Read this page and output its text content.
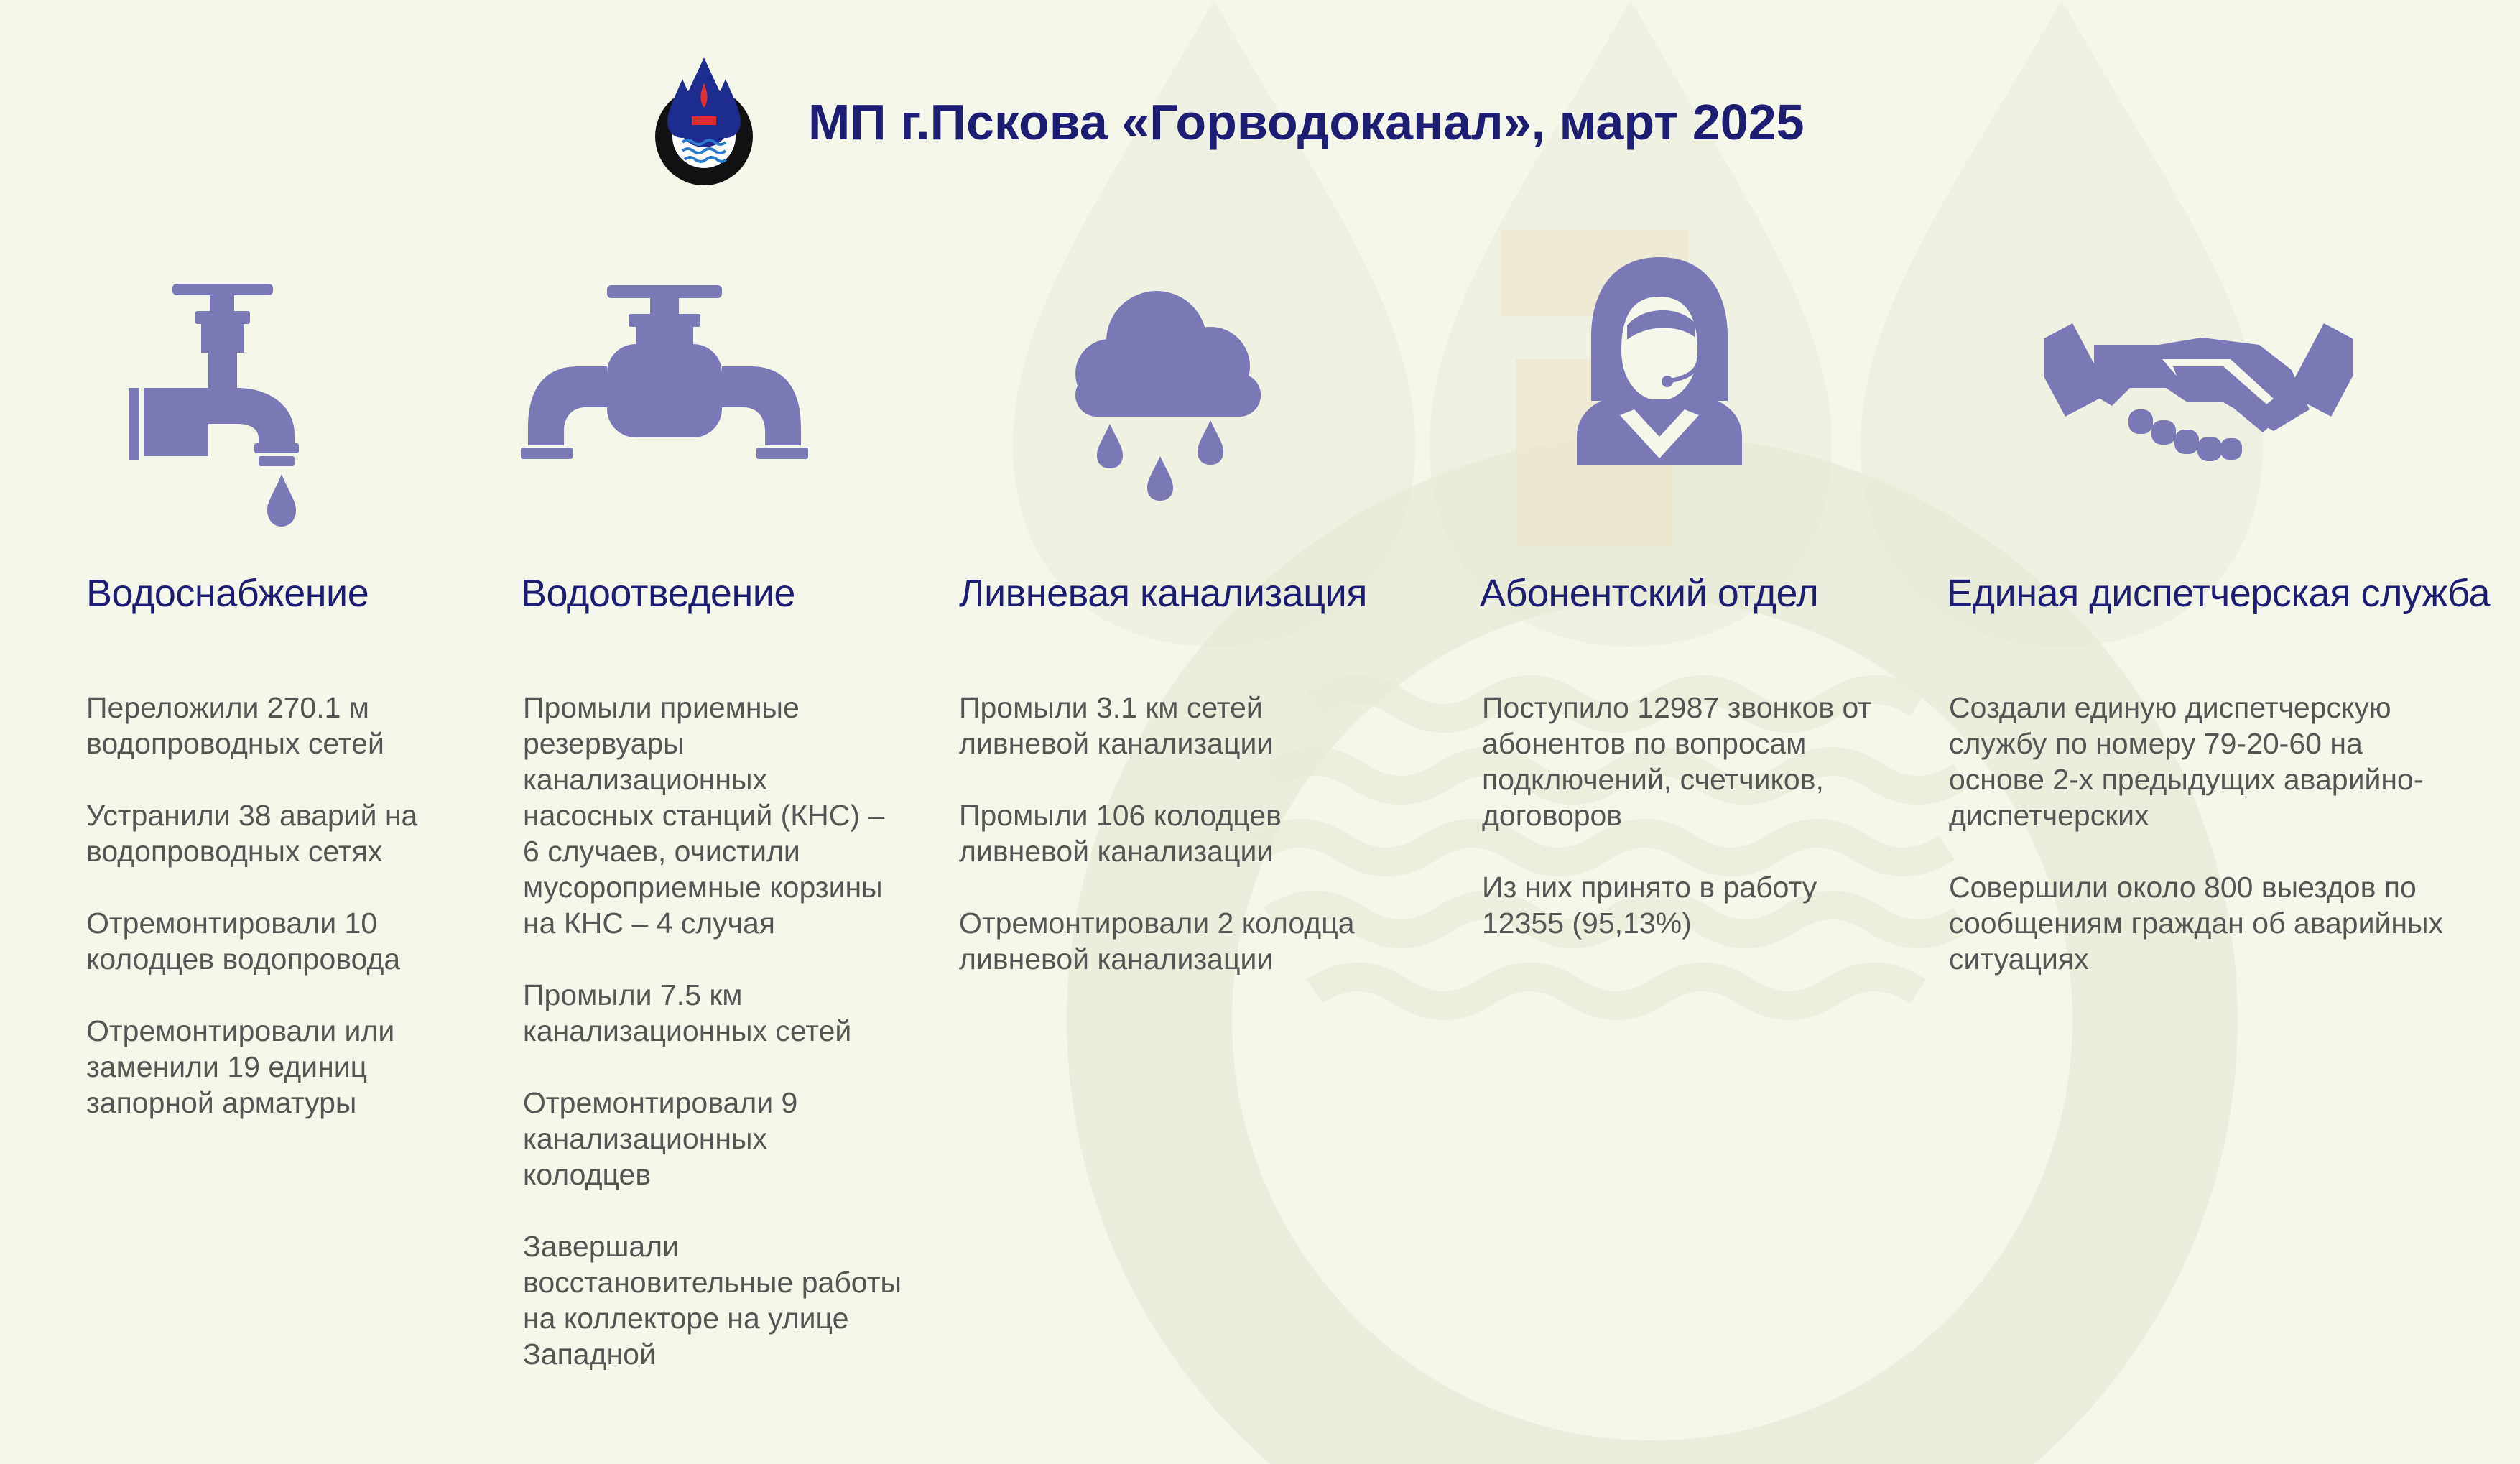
МП г.Пскова «Горводоканал», март 2025
Водоснабжение
Переложили 270.1 м водопроводных сетей
Устранили 38 аварий на водопроводных сетях
Отремонтировали 10 колодцев водопровода
Отремонтировали или заменили 19 единиц запорной арматуры
Водоотведение
Промыли приемные резервуары канализационных насосных станций (КНС) – 6 случаев, очистили мусороприемные корзины на КНС – 4 случая
Промыли 7.5 км канализационных сетей
Отремонтировали 9 канализационных колодцев
Завершали восстановительные работы на коллекторе на улице Западной
Ливневая канализация
Промыли 3.1 км сетей ливневой канализации
Промыли 106 колодцев ливневой канализации
Отремонтировали 2 колодца ливневой канализации
Абонентский отдел
Поступило 12987 звонков от абонентов по вопросам подключений, счетчиков, договоров
Из них принято в работу 12355 (95,13%)
Единая диспетчерская служба
Создали единую диспетчерскую службу по номеру 79-20-60 на основе 2-х предыдущих аварийно-диспетчерских
Совершили около 800 выездов по сообщениям граждан об аварийных ситуациях
